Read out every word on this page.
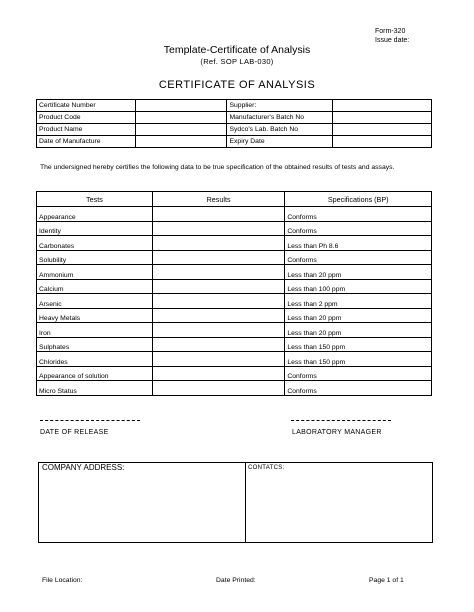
Form-320
Issue date:
Template-Certificate of Analysis
(Ref. SOP LAB-030)
CERTIFICATE OF ANALYSIS
Certificate Number		Supplier:	
Product Code		Manufacturer's Batch No	
Product Name		Sydco's Lab. Batch No	
Date of Manufacture		Expiry Date	
The undersigned hereby certifies the following data to be true specification of the obtained results of tests and assays.
Tests	Results	Specifications (BP)
Appearance		Conforms
Identity		Conforms
Carbonates		Less than Ph 8.6
Solubility		Conforms
Ammonium		Less than 20 ppm
Calcium		Less than 100 ppm
Arsenic		Less than 2 ppm
Heavy Metals		Less than 20 ppm
Iron		Less than 20 ppm
Sulphates		Less than 150 ppm
Chlorides		Less than 150 ppm
Appearance of solution		Conforms
Micro Status		Conforms
DATE OF RELEASE	LABORATORY MANAGER
COMPANY ADDRESS:	CONTATCS:
File Location:	Date Printed:	Page 1 of 1
